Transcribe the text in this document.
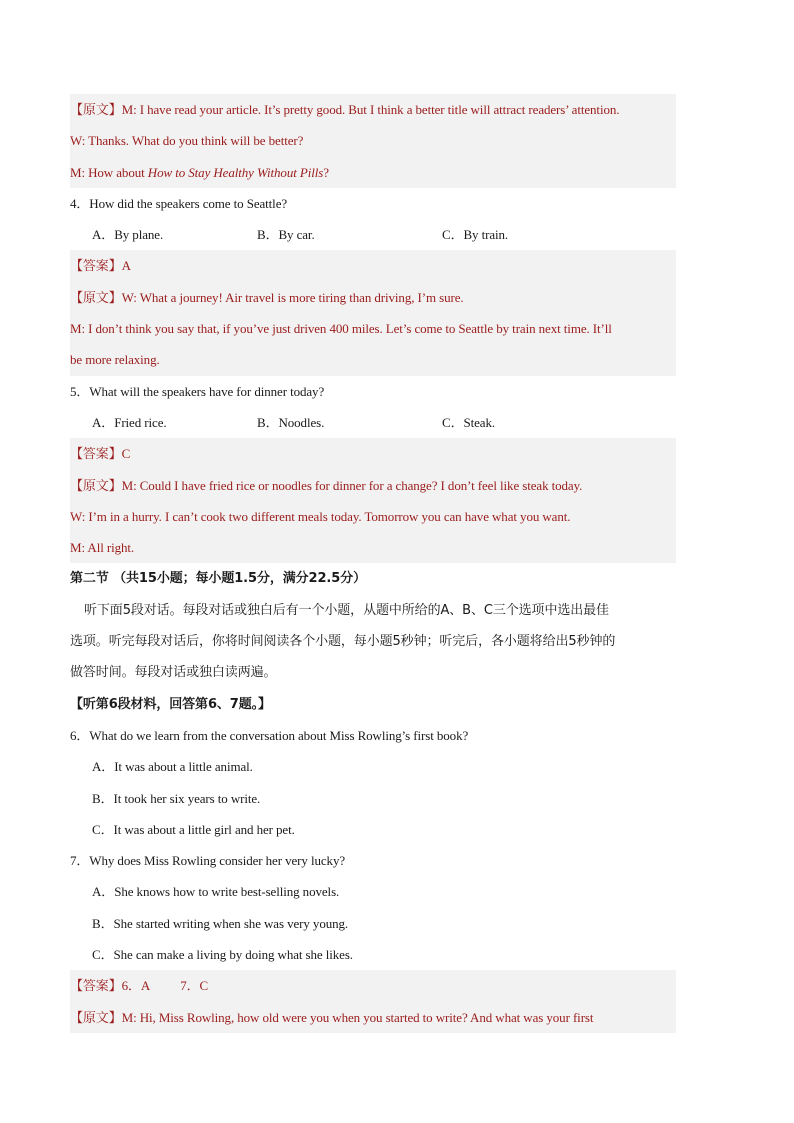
【原文】M: I have read your article. It’s pretty good. But I think a better title will attract readers’ attention.
W: Thanks. What do you think will be better?
M: How about How to Stay Healthy Without Pills?
4．How did the speakers come to Seattle?
A．By plane.	B．By car.	C．By train.
【答案】A
【原文】W: What a journey! Air travel is more tiring than driving, I’m sure.
M: I don’t think you say that, if you’ve just driven 400 miles. Let’s come to Seattle by train next time. It’ll
be more relaxing.
5．What will the speakers have for dinner today?
A．Fried rice.	B．Noodles.	C．Steak.
【答案】C
【原文】M: Could I have fried rice or noodles for dinner for a change? I don’t feel like steak today.
W: I’m in a hurry. I can’t cook two different meals today. Tomorrow you can have what you want.
M: All right.
第二节 （共15小题；每小题1.5分，满分22.5分）
听下面5段对话。每段对话或独白后有一个小题，从题中所给的A、B、C三个选项中选出最佳
选项。听完每段对话后，你将时间阅读各个小题，每小题5秒钟；听完后，各小题将给出5秒钟的
做答时间。每段对话或独白读两遍。
【听第6段材料，回答第6、7题。】
6．What do we learn from the conversation about Miss Rowling’s first book?
A．It was about a little animal.
B．It took her six years to write.
C．It was about a little girl and her pet.
7．Why does Miss Rowling consider her very lucky?
A．She knows how to write best-selling novels.
B．She started writing when she was very young.
C．She can make a living by doing what she likes.
【答案】6．A 7．C
【原文】M: Hi, Miss Rowling, how old were you when you started to write? And what was your first
